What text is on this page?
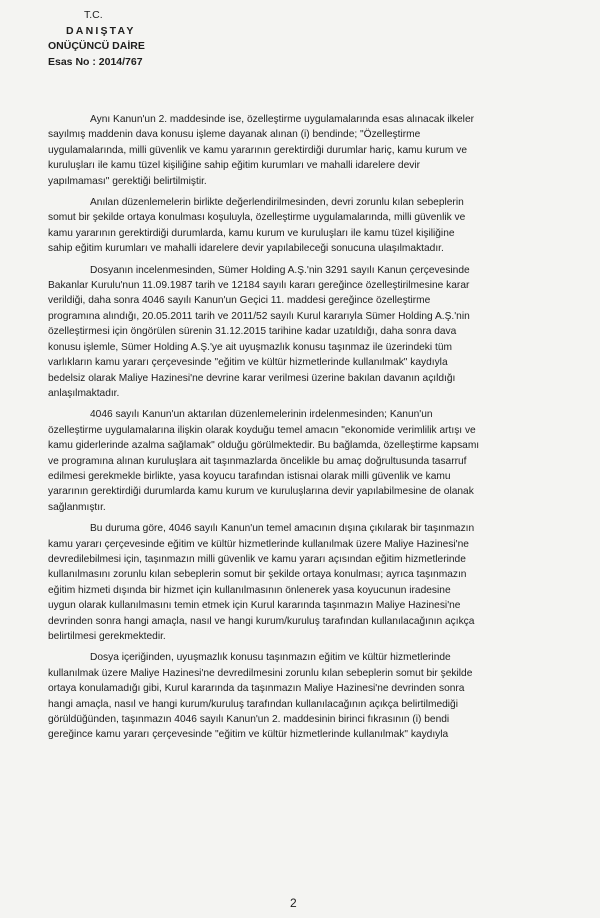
T.C.
DANIŞTAY
ONÜÇÜNCÜ DAİRE
Esas No : 2014/767
Aynı Kanun'un 2. maddesinde ise, özelleştirme uygulamalarında esas alınacak ilkeler
sayılmış maddenin dava konusu işleme dayanak alınan (i) bendinde; "Özelleştirme
uygulamalarında, milli güvenlik ve kamu yararının gerektirdiği durumlar hariç, kamu kurum ve
kuruluşları ile kamu tüzel kişiliğine sahip eğitim kurumları ve mahalli idarelere devir
yapılmaması" gerektiği belirtilmiştir.
Anılan düzenlemelerin birlikte değerlendirilmesinden, devri zorunlu kılan sebeplerin
somut bir şekilde ortaya konulması koşuluyla, özelleştirme uygulamalarında, milli güvenlik ve
kamu yararının gerektirdiği durumlarda, kamu kurum ve kuruluşları ile kamu tüzel kişiliğine
sahip eğitim kurumları ve mahalli idarelere devir yapılabileceği sonucuna ulaşılmaktadır.
Dosyanın incelenmesinden, Sümer Holding A.Ş.'nin 3291 sayılı Kanun çerçevesinde
Bakanlar Kurulu'nun 11.09.1987 tarih ve 12184 sayılı kararı gereğince özelleştirilmesine karar
verildiği, daha sonra 4046 sayılı Kanun'un Geçici 11. maddesi gereğince özelleştirme
programına alındığı, 20.05.2011 tarih ve 2011/52 sayılı Kurul kararıyla Sümer Holding A.Ş.'nin
özelleştirmesi için öngörülen sürenin 31.12.2015 tarihine kadar uzatıldığı, daha sonra dava
konusu işlemle, Sümer Holding A.Ş.'ye ait uyuşmazlık konusu taşınmaz ile üzerindeki tüm
varlıkların kamu yararı çerçevesinde "eğitim ve kültür hizmetlerinde kullanılmak" kaydıyla
bedelsiz olarak Maliye Hazinesi'ne devrine karar verilmesi üzerine bakılan davanın açıldığı
anlaşılmaktadır.
4046 sayılı Kanun'un aktarılan düzenlemelerinin irdelenmesinden; Kanun'un
özelleştirme uygulamalarına ilişkin olarak koyduğu temel amacın "ekonomide verimlilik artışı ve
kamu giderlerinde azalma sağlamak" olduğu görülmektedir. Bu bağlamda, özelleştirme kapsamı
ve programına alınan kuruluşlara ait taşınmazlarda öncelikle bu amaç doğrultusunda tasarruf
edilmesi gerekmekle birlikte, yasa koyucu tarafından istisnai olarak milli güvenlik ve kamu
yararının gerektirdiği durumlarda kamu kurum ve kuruluşlarına devir yapılabilmesine de olanak
sağlanmıştır.
Bu duruma göre, 4046 sayılı Kanun'un temel amacının dışına çıkılarak bir taşınmazın
kamu yararı çerçevesinde eğitim ve kültür hizmetlerinde kullanılmak üzere Maliye Hazinesi'ne
devredilebilmesi için, taşınmazın milli güvenlik ve kamu yararı açısından eğitim hizmetlerinde
kullanılmasını zorunlu kılan sebeplerin somut bir şekilde ortaya konulması; ayrıca taşınmazın
eğitim hizmeti dışında bir hizmet için kullanılmasının önlenerek yasa koyucunun iradesine
uygun olarak kullanılmasını temin etmek için Kurul kararında taşınmazın Maliye Hazinesi'ne
devrinden sonra hangi amaçla, nasıl ve hangi kurum/kuruluş tarafından kullanılacağının açıkça
belirtilmesi gerekmektedir.
Dosya içeriğinden, uyuşmazlık konusu taşınmazın eğitim ve kültür hizmetlerinde
kullanılmak üzere Maliye Hazinesi'ne devredilmesini zorunlu kılan sebeplerin somut bir şekilde
ortaya konulamadığı gibi, Kurul kararında da taşınmazın Maliye Hazinesi'ne devrinden sonra
hangi amaçla, nasıl ve hangi kurum/kuruluş tarafından kullanılacağının açıkça belirtilmediği
görüldüğünden, taşınmazın 4046 sayılı Kanun'un 2. maddesinin birinci fıkrasının (i) bendi
gereğince kamu yararı çerçevesinde "eğitim ve kültür hizmetlerinde kullanılmak" kaydıyla
2
